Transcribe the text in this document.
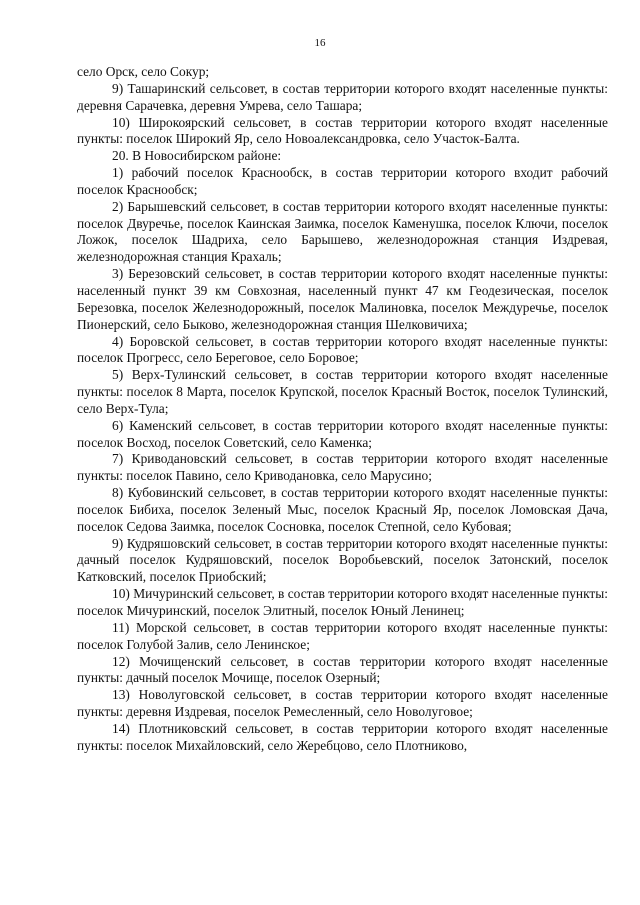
16

село Орск, село Сокур;

9) Ташаринский сельсовет, в состав территории которого входят населенные пункты: деревня Сарачевка, деревня Умрева, село Ташара;

10) Широкоярский сельсовет, в состав территории которого входят населенные пункты: поселок Широкий Яр, село Новоалександровка, село Участок-Балта.

20. В Новосибирском районе:

1) рабочий поселок Краснообск, в состав территории которого входит рабочий поселок Краснообск;

2) Барышевский сельсовет, в состав территории которого входят населенные пункты: поселок Двуречье, поселок Каинская Заимка, поселок Каменушка, поселок Ключи, поселок Ложок, поселок Шадриха, село Барышево, железнодорожная станция Издревая, железнодорожная станция Крахаль;

3) Березовский сельсовет, в состав территории которого входят населенные пункты: населенный пункт 39 км Совхозная, населенный пункт 47 км Геодезическая, поселок Березовка, поселок Железнодорожный, поселок Малиновка, поселок Междуречье, поселок Пионерский, село Быково, железнодорожная станция Шелковичиха;

4) Боровской сельсовет, в состав территории которого входят населенные пункты: поселок Прогресс, село Береговое, село Боровое;

5) Верх-Тулинский сельсовет, в состав территории которого входят населенные пункты: поселок 8 Марта, поселок Крупской, поселок Красный Восток, поселок Тулинский, село Верх-Тула;

6) Каменский сельсовет, в состав территории которого входят населенные пункты: поселок Восход, поселок Советский, село Каменка;

7) Криводановский сельсовет, в состав территории которого входят населенные пункты: поселок Павино, село Криводановка, село Марусино;

8) Кубовинский сельсовет, в состав территории которого входят населенные пункты: поселок Бибиха, поселок Зеленый Мыс, поселок Красный Яр, поселок Ломовская Дача, поселок Седова Заимка, поселок Сосновка, поселок Степной, село Кубовая;

9) Кудряшовский сельсовет, в состав территории которого входят населенные пункты: дачный поселок Кудряшовский, поселок Воробьевский, поселок Затонский, поселок Катковский, поселок Приобский;

10) Мичуринский сельсовет, в состав территории которого входят населенные пункты: поселок Мичуринский, поселок Элитный, поселок Юный Ленинец;

11) Морской сельсовет, в состав территории которого входят населенные пункты: поселок Голубой Залив, село Ленинское;

12) Мочищенский сельсовет, в состав территории которого входят населенные пункты: дачный поселок Мочище, поселок Озерный;

13) Новолуговской сельсовет, в состав территории которого входят населенные пункты: деревня Издревая, поселок Ремесленный, село Новолуговое;

14) Плотниковский сельсовет, в состав территории которого входят населенные пункты: поселок Михайловский, село Жеребцово, село Плотниково,
